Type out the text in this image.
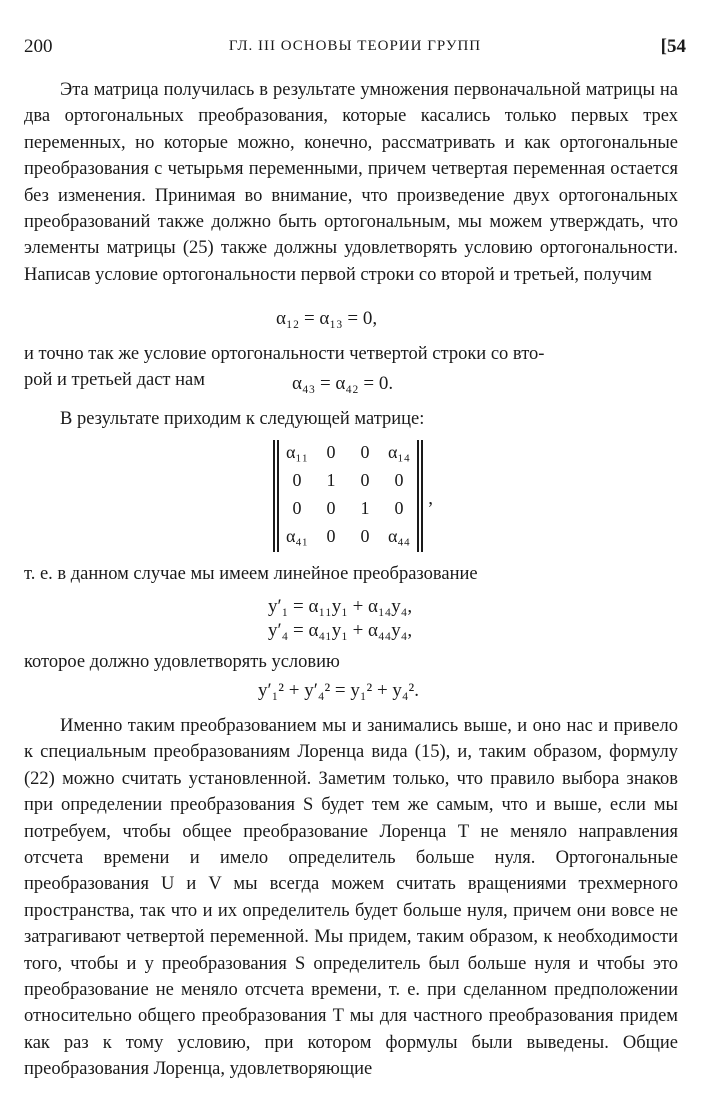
200	ГЛ. III ОСНОВЫ ТЕОРИИ ГРУПП	[54

Эта матрица получилась в результате умножения первоначальной матрицы на два ортогональных преобразования, которые касались только первых трех переменных, но которые можно, конечно, рассматривать и как ортогональные преобразования с четырьмя переменными, причем четвертая переменная остается без изменения. Принимая во внимание, что произведение двух ортогональных преобразований также должно быть ортогональным, мы можем утверждать, что элементы матрицы (25) также должны удовлетворять условию ортогональности. Написав условие ортогональности первой строки со второй и третьей, получим

α₁₂ = α₁₃ = 0,

и точно так же условие ортогональности четвертой строки со вто-

рой и третьей даст нам	α₄₃ = α₄₂ = 0.

В результате приходим к следующей матрице:

α₁₁	0	0	α₁₄
0	1	0	0
0	0	1	0
α₄₁	0	0	α₄₄
,

т. е. в данном случае мы имеем линейное преобразование

y′₁ = α₁₁y₁ + α₁₄y₄,
y′₄ = α₄₁y₁ + α₄₄y₄,

которое должно удовлетворять условию

y′₁² + y′₄² = y₁² + y₄².

Именно таким преобразованием мы и занимались выше, и оно нас и привело к специальным преобразованиям Лоренца вида (15), и, таким образом, формулу (22) можно считать установленной. Заметим только, что правило выбора знаков при определении преобразования S будет тем же самым, что и выше, если мы потребуем, чтобы общее преобразование Лоренца T не меняло направления отсчета времени и имело определитель больше нуля. Ортогональные преобразования U и V мы всегда можем считать вращениями трехмерного пространства, так что и их определитель будет больше нуля, причем они вовсе не затрагивают четвертой переменной. Мы придем, таким образом, к необходимости того, чтобы и у преобразования S определитель был больше нуля и чтобы это преобразование не меняло отсчета времени, т. е. при сделанном предположении относительно общего преобразования T мы для частного преобразования придем как раз к тому условию, при котором формулы были выведены. Общие преобразования Лоренца, удовлетворяющие
